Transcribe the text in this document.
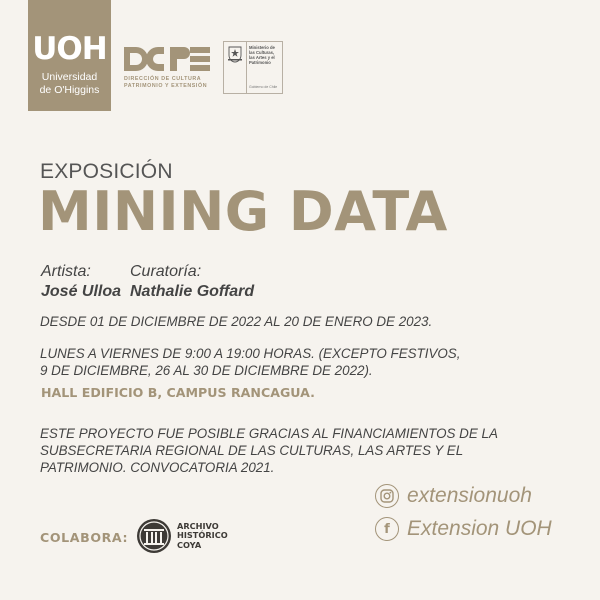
UOH
Universidad
de O'Higgins
DIRECCIÓN DE CULTURA
PATRIMONIO Y EXTENSIÓN
Ministerio de
las Culturas,
las Artes y el
Patrimonio
Gobierno de Chile
EXPOSICIÓN
MINING DATA
Artista:
José Ulloa
Curatoría:
Nathalie Goffard
DESDE 01 DE DICIEMBRE DE 2022 AL 20 DE ENERO DE 2023.
LUNES A VIERNES DE 9:00 A 19:00 HORAS. (EXCEPTO FESTIVOS,
9 DE DICIEMBRE, 26 AL 30 DE DICIEMBRE DE 2022).
HALL EDIFICIO B, CAMPUS RANCAGUA.
ESTE PROYECTO FUE POSIBLE GRACIAS AL FINANCIAMIENTOS DE LA
SUBSECRETARIA REGIONAL DE LAS CULTURAS, LAS ARTES Y EL
PATRIMONIO. CONVOCATORIA 2021.
extensionuoh
f Extension UOH
COLABORA:
ARCHIVO
HISTÓRICO
COYA
